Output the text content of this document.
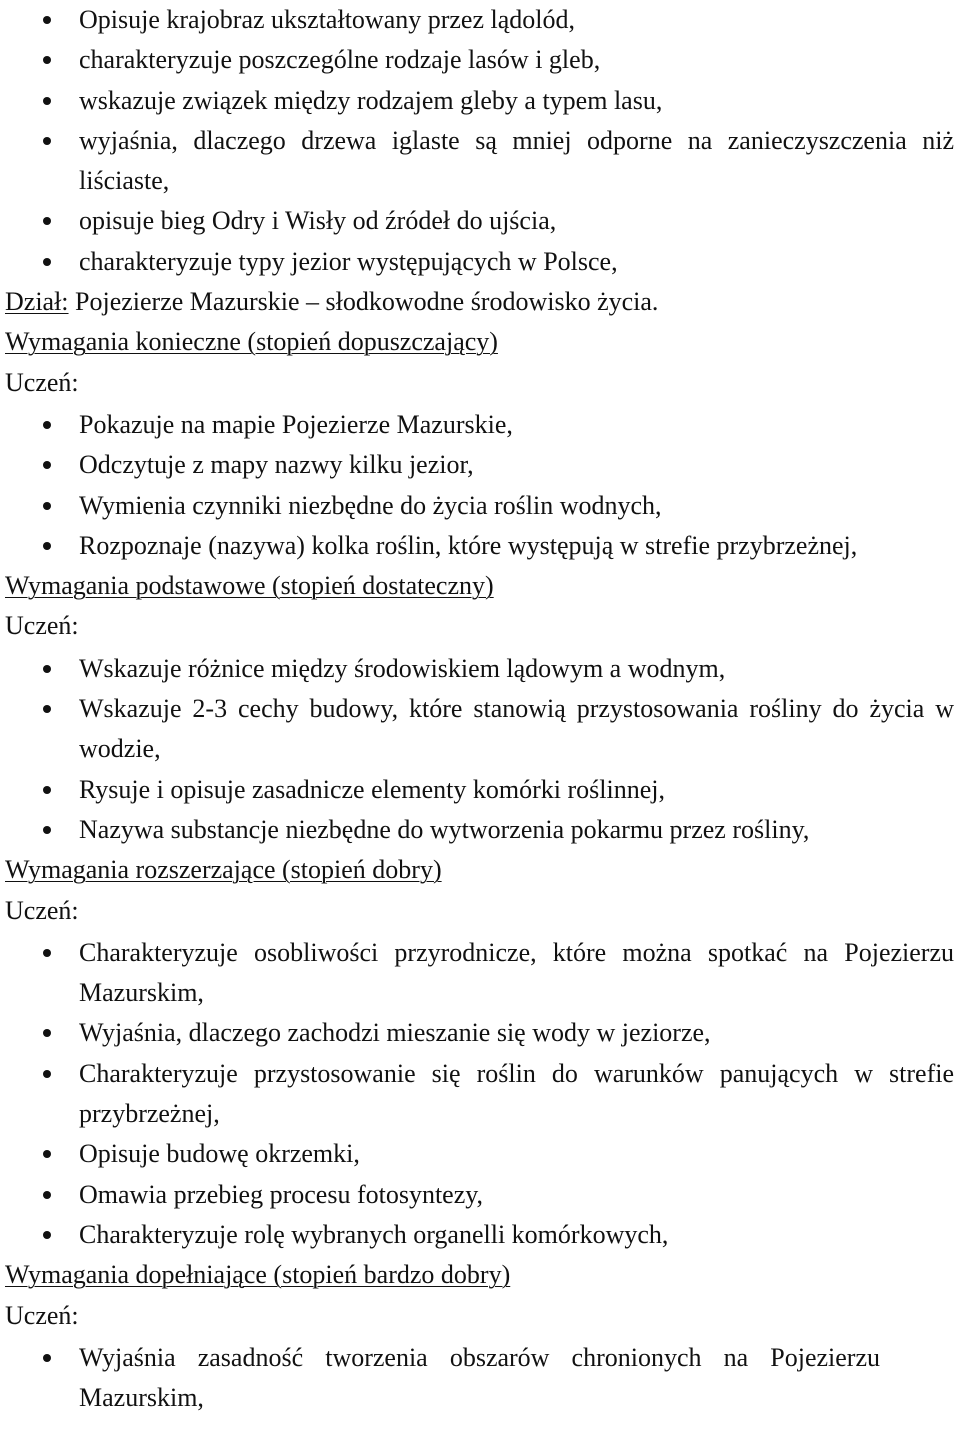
Opisuje krajobraz ukształtowany przez lądolód,
charakteryzuje poszczególne rodzaje lasów i gleb,
wskazuje związek między rodzajem gleby a typem lasu,
wyjaśnia, dlaczego drzewa iglaste są mniej odporne na zanieczyszczenia niż liściaste,
opisuje bieg Odry i Wisły od źródeł do ujścia,
charakteryzuje typy jezior występujących w Polsce,
Dział: Pojezierze Mazurskie – słodkowodne środowisko życia.
Wymagania konieczne (stopień dopuszczający)
Uczeń:
Pokazuje na mapie Pojezierze Mazurskie,
Odczytuje z mapy nazwy kilku jezior,
Wymienia czynniki niezbędne do życia roślin wodnych,
Rozpoznaje (nazywa) kolka roślin, które występują w strefie przybrzeżnej,
Wymagania podstawowe (stopień dostateczny)
Uczeń:
Wskazuje różnice między środowiskiem lądowym a wodnym,
Wskazuje 2-3 cechy budowy, które stanowią przystosowania rośliny do życia w wodzie,
Rysuje i opisuje zasadnicze elementy komórki roślinnej,
Nazywa substancje niezbędne do wytworzenia pokarmu przez rośliny,
Wymagania rozszerzające (stopień dobry)
Uczeń:
Charakteryzuje osobliwości przyrodnicze, które można spotkać na Pojezierzu Mazurskim,
Wyjaśnia, dlaczego zachodzi mieszanie się wody w jeziorze,
Charakteryzuje przystosowanie się roślin do warunków panujących w strefie przybrzeżnej,
Opisuje budowę okrzemki,
Omawia przebieg procesu fotosyntezy,
Charakteryzuje rolę wybranych organelli komórkowych,
Wymagania dopełniające (stopień bardzo dobry)
Uczeń:
Wyjaśnia zasadność tworzenia obszarów chronionych na Pojezierzu Mazurskim,
